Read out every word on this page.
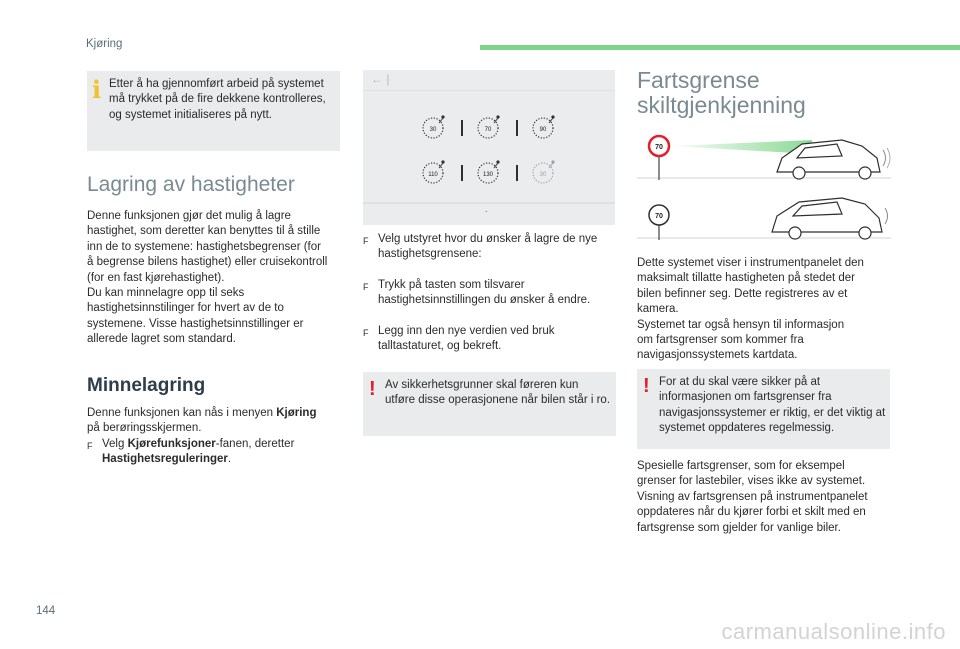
Kjøring
i Etter å ha gjennomført arbeid på systemet må trykket på de fire dekkene kontrolleres, og systemet initialiseres på nytt.

Lagring av hastigheter

Denne funksjonen gjør det mulig å lagre

hastighet, som deretter kan benyttes til å stille

inn de to systemene: hastighetsbegrenser (for

å begrense bilens hastighet) eller cruisekontroll

(for en fast kjørehastighet).

Du kan minnelagre opp til seks

hastighetsinnstilinger for hvert av de to

systemene. Visse hastighetsinnstillinger er

allerede lagret som standard.

Minnelagring

Denne funksjonen kan nås i menyen Kjøring

på berøringsskjermen.

F Velg Kjørefunksjoner-fanen, deretter
Hastighetsreguleringer.

← |
30	70	90
110	130	30
.
F Velg utstyret hvor du ønsker å lagre de nye hastighetsgrensene:

F Trykk på tasten som tilsvarer hastighetsinnstillingen du ønsker å endre.

F Legg inn den nye verdien ved bruk talltastaturet, og bekreft.

! Av sikkerhetsgrunner skal føreren kun utføre disse operasjonene når bilen står i ro.

Fartsgrense
skiltgjenkjenning
70
70

Dette systemet viser i instrumentpanelet den

maksimalt tillatte hastigheten på stedet der

bilen befinner seg. Dette registreres av et

kamera.

Systemet tar også hensyn til informasjon

om fartsgrenser som kommer fra

navigasjonssystemets kartdata.

! For at du skal være sikker på at informasjonen om fartsgrenser fra navigasjonssystemer er riktig, er det viktig at systemet oppdateres regelmessig.

Spesielle fartsgrenser, som for eksempel

grenser for lastebiler, vises ikke av systemet.

Visning av fartsgrensen på instrumentpanelet

oppdateres når du kjører forbi et skilt med en

fartsgrense som gjelder for vanlige biler.

144
carmanualsonline.info
